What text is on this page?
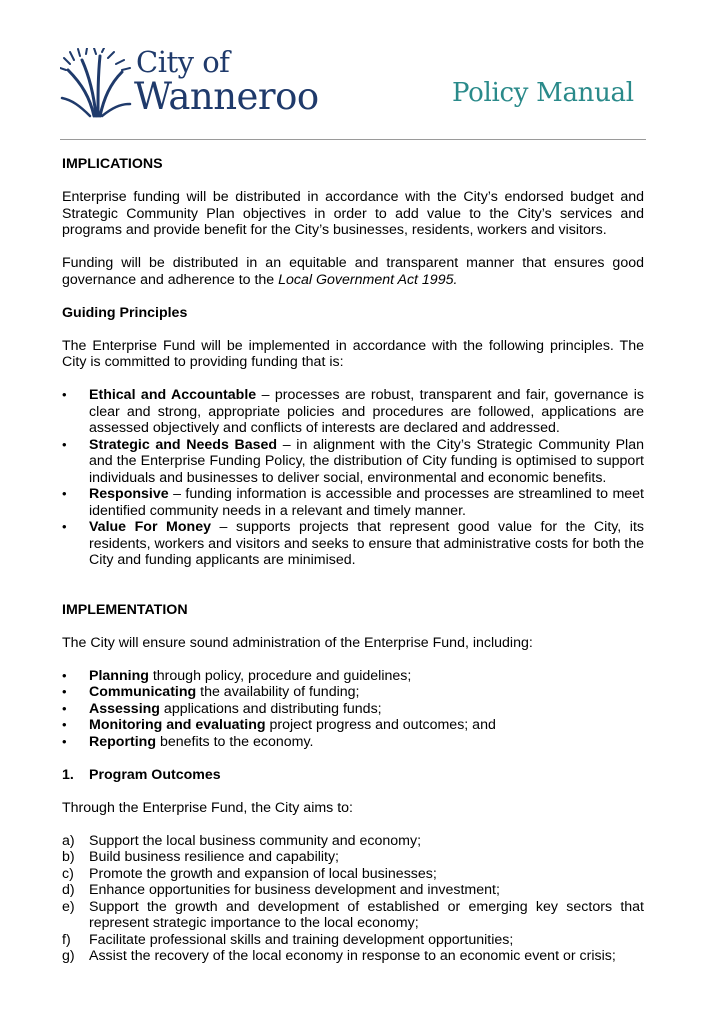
City of
Wanneroo	Policy Manual
IMPLICATIONS

Enterprise funding will be distributed in accordance with the City’s endorsed budget and Strategic Community Plan objectives in order to add value to the City’s services and programs and provide benefit for the City’s businesses, residents, workers and visitors.

Funding will be distributed in an equitable and transparent manner that ensures good governance and adherence to the Local Government Act 1995.

Guiding Principles

The Enterprise Fund will be implemented in accordance with the following principles. The City is committed to providing funding that is:

• Ethical and Accountable – processes are robust, transparent and fair, governance is clear and strong, appropriate policies and procedures are followed, applications are assessed objectively and conflicts of interests are declared and addressed.
• Strategic and Needs Based – in alignment with the City’s Strategic Community Plan and the Enterprise Funding Policy, the distribution of City funding is optimised to support individuals and businesses to deliver social, environmental and economic benefits.
• Responsive – funding information is accessible and processes are streamlined to meet identified community needs in a relevant and timely manner.
• Value For Money – supports projects that represent good value for the City, its residents, workers and visitors and seeks to ensure that administrative costs for both the City and funding applicants are minimised.
IMPLEMENTATION

The City will ensure sound administration of the Enterprise Fund, including:

• Planning through policy, procedure and guidelines;
• Communicating the availability of funding;
• Assessing applications and distributing funds;
• Monitoring and evaluating project progress and outcomes; and
• Reporting benefits to the economy.
1. Program Outcomes

Through the Enterprise Fund, the City aims to:

a) Support the local business community and economy;
b) Build business resilience and capability;
c) Promote the growth and expansion of local businesses;
d) Enhance opportunities for business development and investment;
e) Support the growth and development of established or emerging key sectors that represent strategic importance to the local economy;
f) Facilitate professional skills and training development opportunities;
g) Assist the recovery of the local economy in response to an economic event or crisis;
